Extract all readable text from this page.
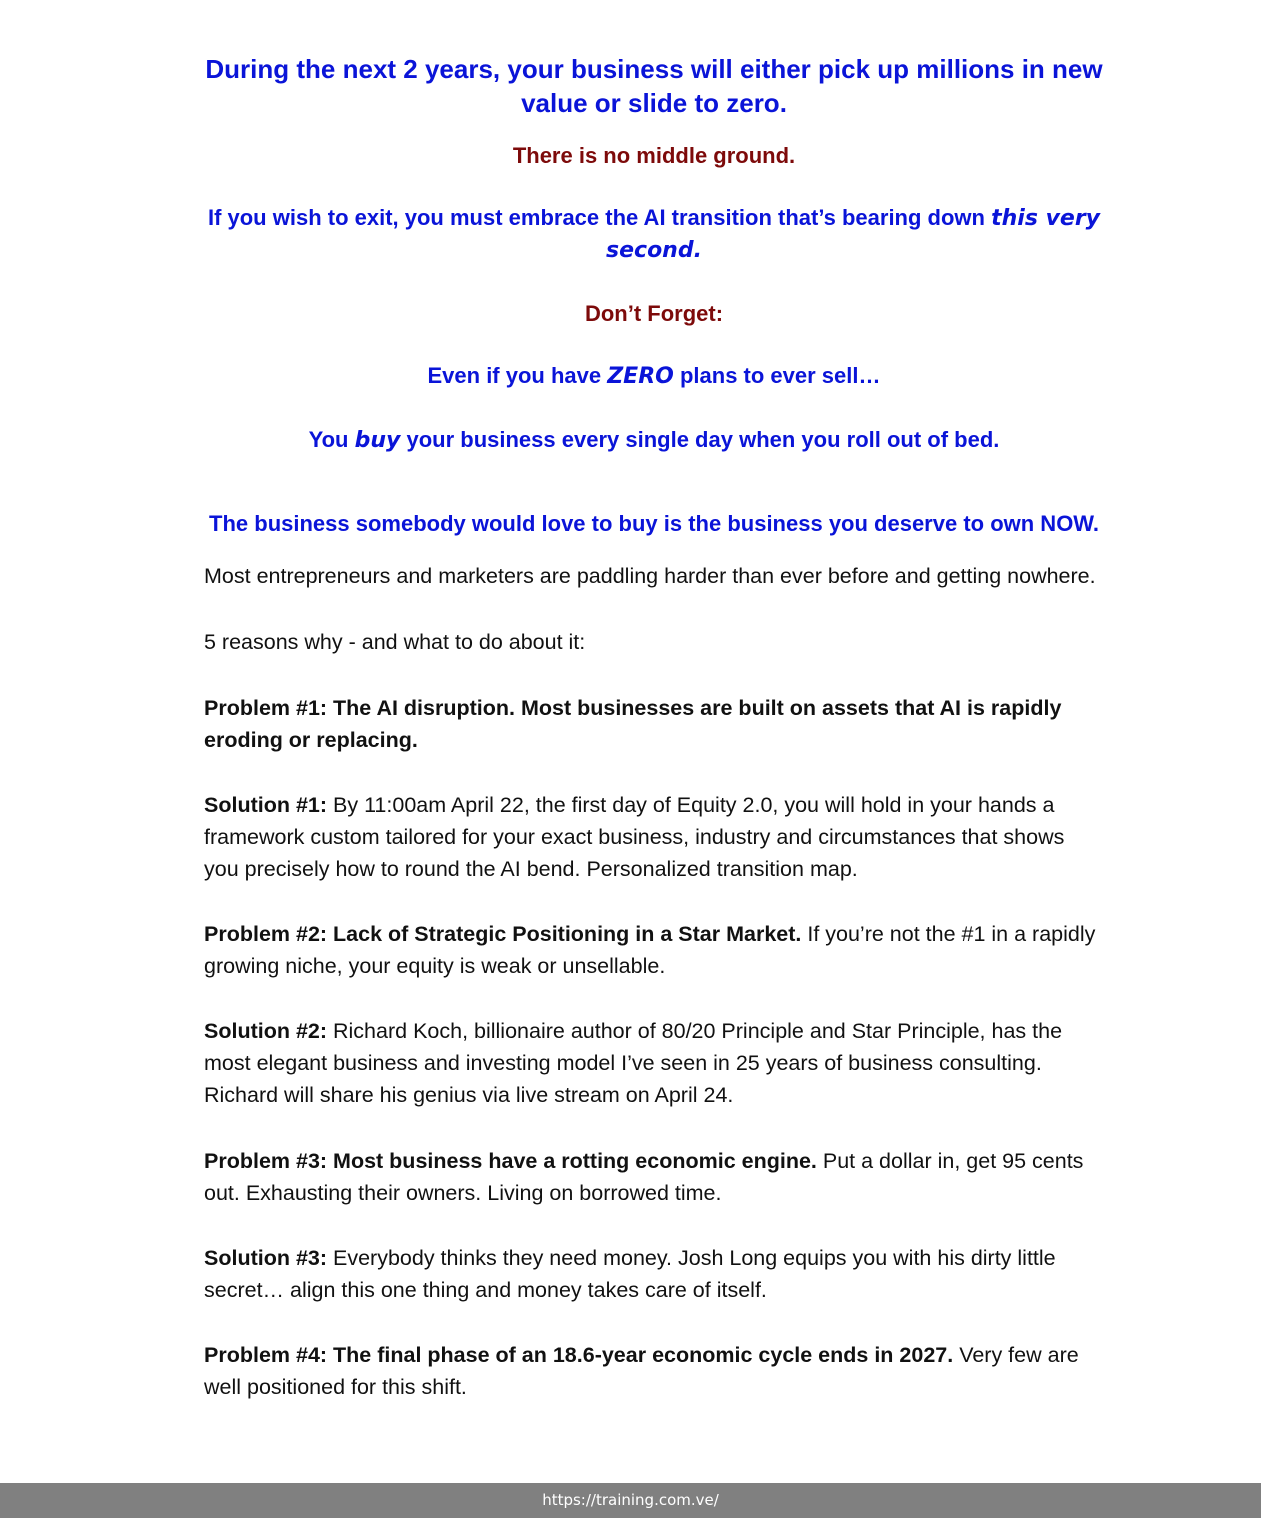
During the next 2 years, your business will either pick up millions in new value or slide to zero.

There is no middle ground.

If you wish to exit, you must embrace the AI transition that’s bearing down this very second.

Don’t Forget:

Even if you have ZERO plans to ever sell…

You buy your business every single day when you roll out of bed.

The business somebody would love to buy is the business you deserve to own NOW.

Most entrepreneurs and marketers are paddling harder than ever before and getting nowhere.

5 reasons why - and what to do about it:

Problem #1: The AI disruption. Most businesses are built on assets that AI is rapidly eroding or replacing.

Solution #1: By 11:00am April 22, the first day of Equity 2.0, you will hold in your hands a framework custom tailored for your exact business, industry and circumstances that shows you precisely how to round the AI bend. Personalized transition map.

Problem #2: Lack of Strategic Positioning in a Star Market. If you’re not the #1 in a rapidly growing niche, your equity is weak or unsellable.

Solution #2: Richard Koch, billionaire author of 80/20 Principle and Star Principle, has the most elegant business and investing model I’ve seen in 25 years of business consulting. Richard will share his genius via live stream on April 24.

Problem #3: Most business have a rotting economic engine. Put a dollar in, get 95 cents out. Exhausting their owners. Living on borrowed time.

Solution #3: Everybody thinks they need money. Josh Long equips you with his dirty little secret… align this one thing and money takes care of itself.

Problem #4: The final phase of an 18.6-year economic cycle ends in 2027. Very few are well positioned for this shift.

https://training.com.ve/
